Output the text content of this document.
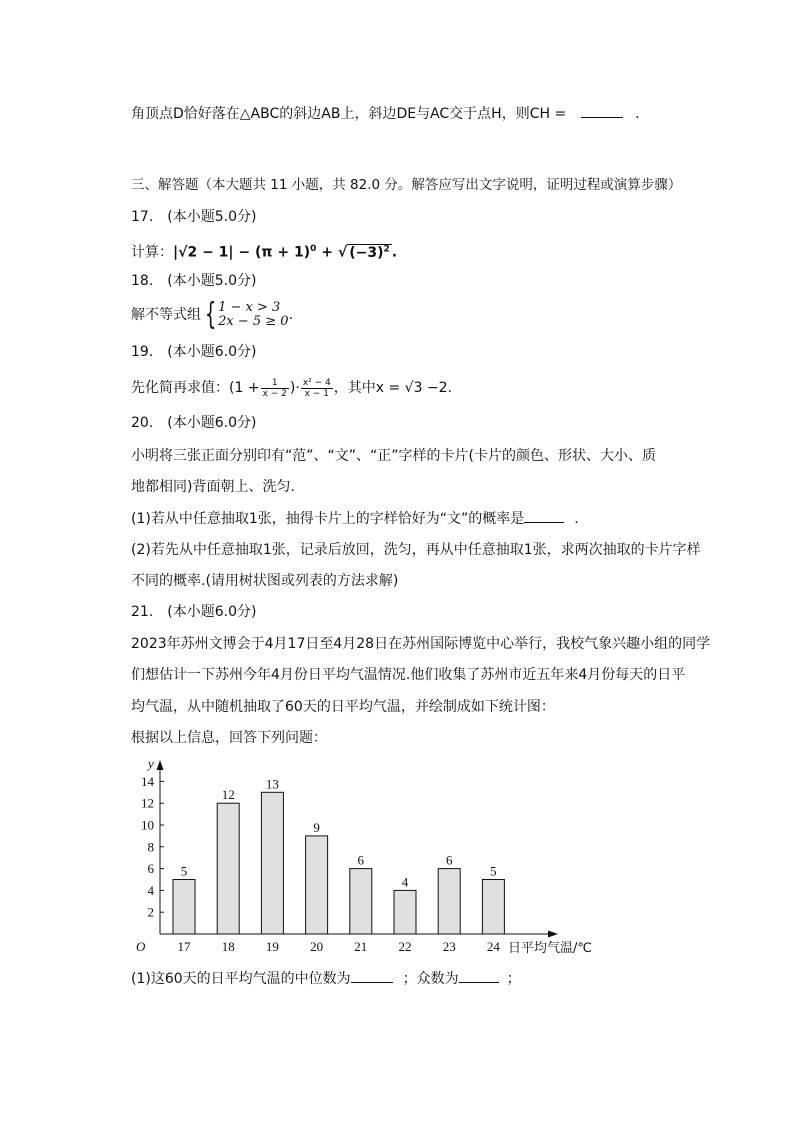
角顶点D恰好落在△ABC的斜边AB上，斜边DE与AC交于点H，则CH =	.
三、解答题（本大题共 11 小题，共 82.0 分。解答应写出文字说明，证明过程或演算步骤）
17.　(本小题5.0分)
计算：$|√2 - 1| - (\pi + 1)^0$ + √ $(-3)^2$ .
18.　(本小题5.0分)
解不等式组 { 1 − x > 3
2x − 5 ≥ 0 .
19.　(本小题6.0分)
先化简再求值：($1 + \frac{1}{x - 2}$ )· $\frac{\text{x² − 4}}{x - 1}$ ，其中x = √3 −2.
20.　(本小题6.0分)
小明将三张正面分别印有“范”、“文”、“正”字样的卡片(卡片的颜色、形状、大小、质
地都相同)背面朝上、洗匀.
(1)若从中任意抽取1张，抽得卡片上的字样恰好为“文”的概率是	.
(2)若先从中任意抽取1张，记录后放回，洗匀，再从中任意抽取1张，求两次抽取的卡片字样
不同的概率.(请用树状图或列表的方法求解)
21.　(本小题6.0分)
2023年苏州文博会于4月17日至4月28日在苏州国际博览中心举行，我校气象兴趣小组的同学
们想估计一下苏州今年4月份日平均气温情况.他们收集了苏州市近五年来4月份每天的日平
均气温，从中随机抽取了60天的日平均气温，并绘制成如下统计图：
根据以上信息，回答下列问题：
y
O
2
4
6
8
10
12
14
5
17
12
18
13
19
9
20
6
21
4
22
6
23
5
24 日平均气温/℃
(1)这60天的日平均气温的中位数为	；众数为	；
